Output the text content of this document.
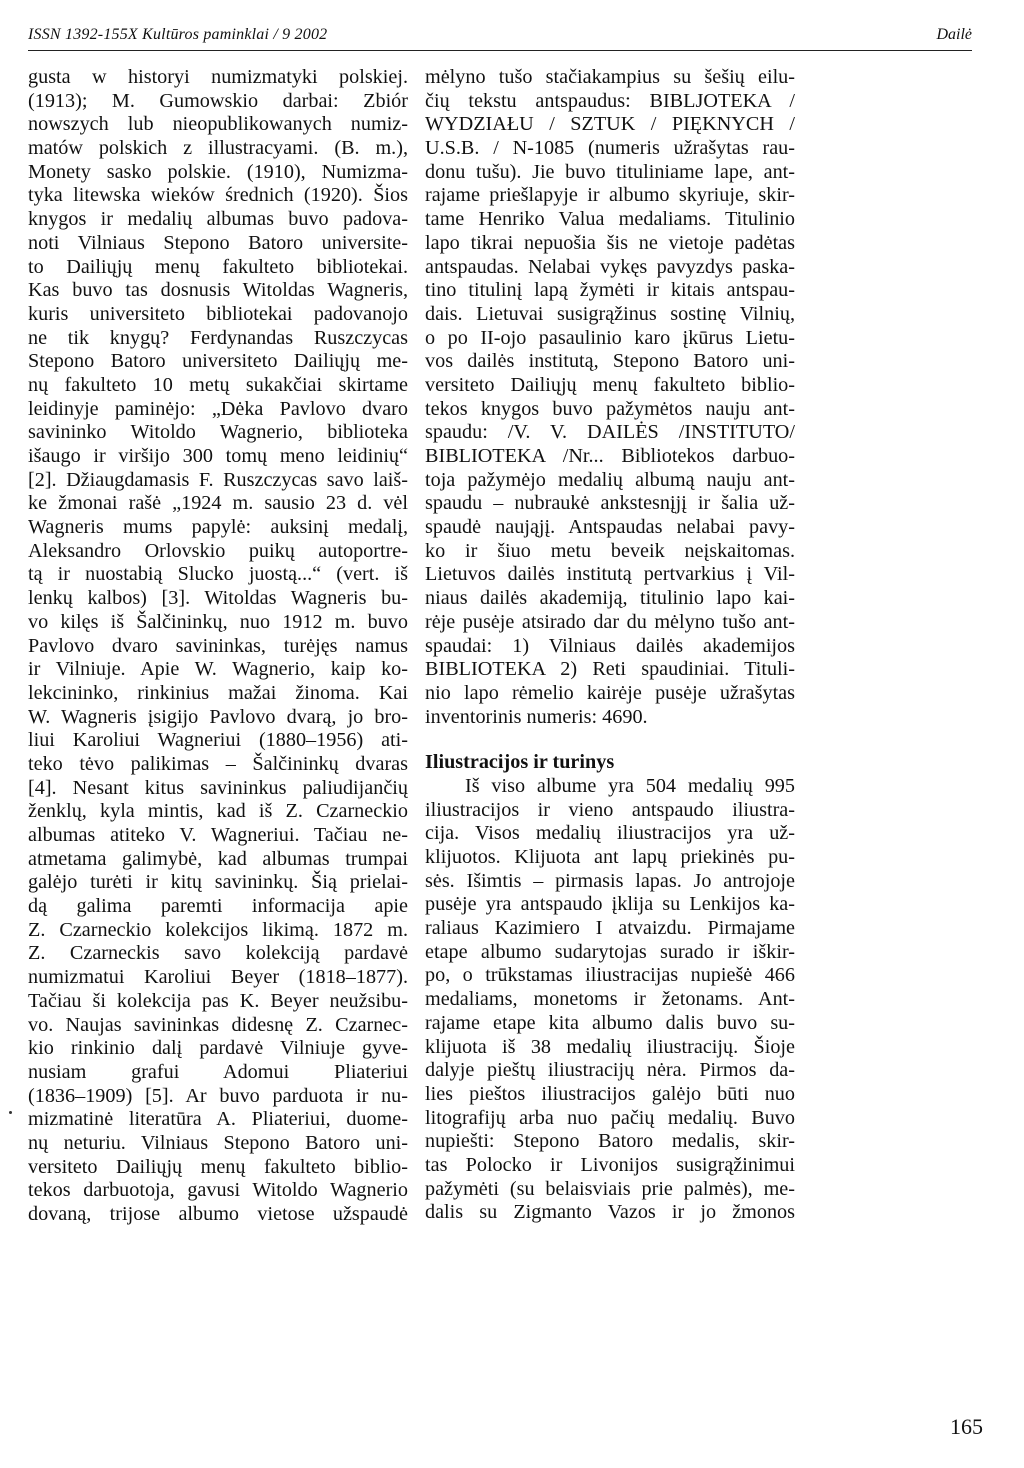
ISSN 1392-155X Kultūros paminklai / 9 2002	Dailė
gusta w historyi numizmatyki polskiej.
(1913); M. Gumowskio darbai: Zbiór
nowszych lub nieopublikowanych numiz-
matów polskich z illustracyami. (B. m.),
Monety sasko polskie. (1910), Numizma-
tyka litewska wieków średnich (1920). Šios
knygos ir medalių albumas buvo padova-
noti Vilniaus Stepono Batoro universite-
to Dailiųjų menų fakulteto bibliotekai.
Kas buvo tas dosnusis Witoldas Wagneris,
kuris universiteto bibliotekai padovanojo
ne tik knygų? Ferdynandas Ruszczycas
Stepono Batoro universiteto Dailiųjų me-
nų fakulteto 10 metų sukakčiai skirtame
leidinyje paminėjo: „Dėka Pavlovo dvaro
savininko Witoldo Wagnerio, biblioteka
išaugo ir viršijo 300 tomų meno leidinių“
[2]. Džiaugdamasis F. Ruszczycas savo laiš-
ke žmonai rašė „1924 m. sausio 23 d. vėl
Wagneris mums papylė: auksinį medalį,
Aleksandro Orlovskio puikų autoportre-
tą ir nuostabią Slucko juostą...“ (vert. iš
lenkų kalbos) [3]. Witoldas Wagneris bu-
vo kilęs iš Šalčininkų, nuo 1912 m. buvo
Pavlovo dvaro savininkas, turėjęs namus
ir Vilniuje. Apie W. Wagnerio, kaip ko-
lekcininko, rinkinius mažai žinoma. Kai
W. Wagneris įsigijo Pavlovo dvarą, jo bro-
liui Karoliui Wagneriui (1880–1956) ati-
teko tėvo palikimas – Šalčininkų dvaras
[4]. Nesant kitus savininkus paliudijančių
ženklų, kyla mintis, kad iš Z. Czarneckio
albumas atiteko V. Wagneriui. Tačiau ne-
atmetama galimybė, kad albumas trumpai
galėjo turėti ir kitų savininkų. Šią prielai-
dą galima paremti informacija apie
Z. Czarneckio kolekcijos likimą. 1872 m.
Z. Czarneckis savo kolekciją pardavė
numizmatui Karoliui Beyer (1818–1877).
Tačiau ši kolekcija pas K. Beyer neužsibu-
vo. Naujas savininkas didesnę Z. Czarnec-
kio rinkinio dalį pardavė Vilniuje gyve-
nusiam grafui Adomui Pliateriui
(1836–1909) [5]. Ar buvo parduota ir nu-
mizmatinė literatūra A. Pliateriui, duome-
nų neturiu. Vilniaus Stepono Batoro uni-
versiteto Dailiųjų menų fakulteto biblio-
tekos darbuotoja, gavusi Witoldo Wagnerio
dovaną, trijose albumo vietose užspaudė
mėlyno tušo stačiakampius su šešių eilu-
čių tekstu antspaudus: BIBLJOTEKA /
WYDZIAŁU / SZTUK / PIĘKNYCH /
U.S.B. / N-1085 (numeris užrašytas rau-
donu tušu). Jie buvo tituliniame lape, ant-
rajame priešlapyje ir albumo skyriuje, skir-
tame Henriko Valua medaliams. Titulinio
lapo tikrai nepuošia šis ne vietoje padėtas
antspaudas. Nelabai vykęs pavyzdys paska-
tino titulinį lapą žymėti ir kitais antspau-
dais. Lietuvai susigrąžinus sostinę Vilnių,
o po II-ojo pasaulinio karo įkūrus Lietu-
vos dailės institutą, Stepono Batoro uni-
versiteto Dailiųjų menų fakulteto biblio-
tekos knygos buvo pažymėtos nauju ant-
spaudu: /V. V. DAILĖS /INSTITUTO/
BIBLIOTEKA /Nr... Bibliotekos darbuo-
toja pažymėjo medalių albumą nauju ant-
spaudu – nubraukė ankstesnįjį ir šalia už-
spaudė naująjį. Antspaudas nelabai pavy-
ko ir šiuo metu beveik neįskaitomas.
Lietuvos dailės institutą pertvarkius į Vil-
niaus dailės akademiją, titulinio lapo kai-
rėje pusėje atsirado dar du mėlyno tušo ant-
spaudai: 1) Vilniaus dailės akademijos
BIBLIOTEKA 2) Reti spaudiniai. Tituli-
nio lapo rėmelio kairėje pusėje užrašytas
inventorinis numeris: 4690.
Iliustracijos ir turinys
Iš viso albume yra 504 medalių 995
iliustracijos ir vieno antspaudo iliustra-
cija. Visos medalių iliustracijos yra už-
klijuotos. Klijuota ant lapų priekinės pu-
sės. Išimtis – pirmasis lapas. Jo antrojoje
pusėje yra antspaudo įklija su Lenkijos ka-
raliaus Kazimiero I atvaizdu. Pirmajame
etape albumo sudarytojas surado ir iškir-
po, o trūkstamas iliustracijas nupiešė 466
medaliams, monetoms ir žetonams. Ant-
rajame etape kita albumo dalis buvo su-
klijuota iš 38 medalių iliustracijų. Šioje
dalyje pieštų iliustracijų nėra. Pirmos da-
lies pieštos iliustracijos galėjo būti nuo
litografijų arba nuo pačių medalių. Buvo
nupiešti: Stepono Batoro medalis, skir-
tas Polocko ir Livonijos susigrąžinimui
pažymėti (su belaisviais prie palmės), me-
dalis su Zigmanto Vazos ir jo žmonos
165
